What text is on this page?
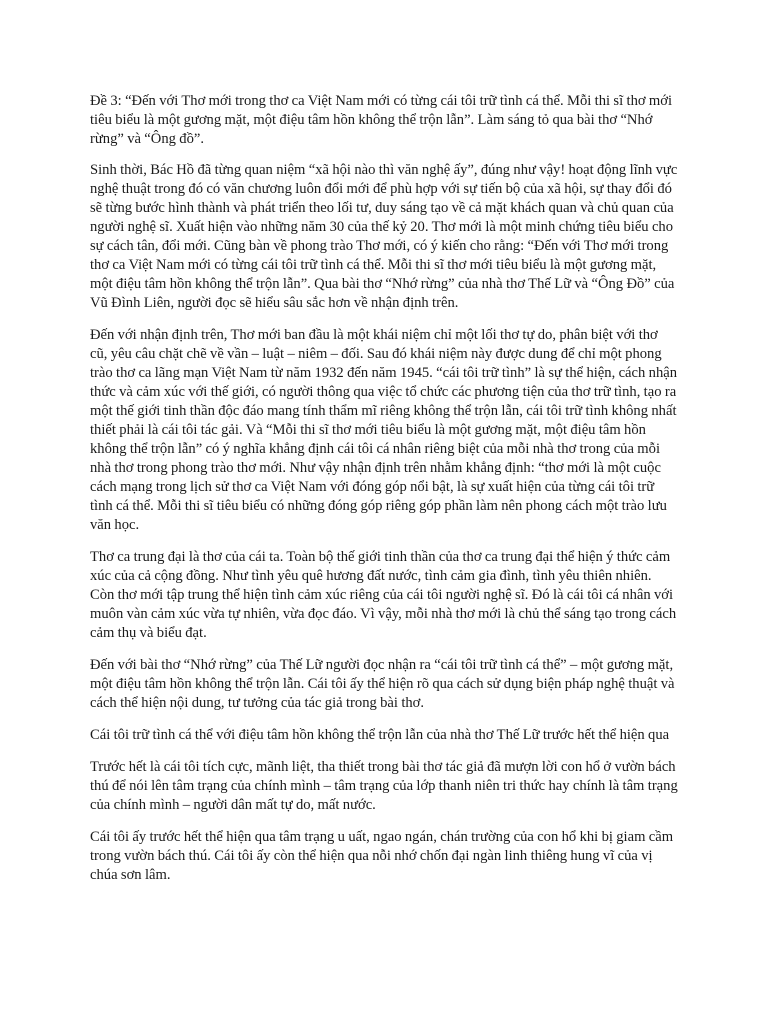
Đề 3: “Đến với Thơ mới trong thơ ca Việt Nam mới có từng cái tôi trữ tình cá thể. Mỗi thi sĩ thơ mới tiêu biểu là một gương mặt, một điệu tâm hồn không thể trộn lẫn”. Làm sáng tỏ qua bài thơ “Nhớ rừng” và “Ông đồ”.

Sinh thời, Bác Hồ đã từng quan niệm “xã hội nào thì văn nghệ ấy”, đúng như vậy! hoạt động lĩnh vực nghệ thuật trong đó có văn chương luôn đổi mới để phù hợp với sự tiến bộ của xã hội, sự thay đổi đó sẽ từng bước hình thành và phát triển theo lối tư, duy sáng tạo về cả mặt khách quan và chủ quan của người nghệ sĩ. Xuất hiện vào những năm 30 của thế kỷ 20. Thơ mới là một minh chứng tiêu biểu cho sự cách tân, đổi mới. Cũng bàn về phong trào Thơ mới, có ý kiến cho rằng: “Đến với Thơ mới trong thơ ca Việt Nam mới có từng cái tôi trữ tình cá thể. Mỗi thi sĩ thơ mới tiêu biểu là một gương mặt, một điệu tâm hồn không thể trộn lẫn”. Qua bài thơ “Nhớ rừng” của nhà thơ Thế Lữ và “Ông Đồ” của Vũ Đình Liên, người đọc sẽ hiểu sâu sắc hơn về nhận định trên.

Đến với nhận định trên, Thơ mới ban đầu là một khái niệm chỉ một lối thơ tự do, phân biệt với thơ cũ, yêu câu chặt chẽ về vần – luật – niêm – đối. Sau đó khái niệm này được dung để chỉ một phong trào thơ ca lãng mạn Việt Nam từ năm 1932 đến năm 1945. “cái tôi trữ tình” là sự thể hiện, cách nhận thức và cảm xúc với thế giới, có người thông qua việc tổ chức các phương tiện của thơ trữ tình, tạo ra một thế giới tinh thần độc đáo mang tính thẩm mĩ riêng không thể trộn lẫn, cái tôi trữ tình không nhất thiết phải là cái tôi tác gải. Và “Mỗi thi sĩ thơ mới tiêu biểu là một gương mặt, một điệu tâm hồn không thể trộn lẫn” có ý nghĩa khẳng định cái tôi cá nhân riêng biệt của mỗi nhà thơ trong của mỗi nhà thơ trong phong trào thơ mới. Như vậy nhận định trên nhằm khẳng định: “thơ mới là một cuộc cách mạng trong lịch sử thơ ca Việt Nam với đóng góp nổi bật, là sự xuất hiện của từng cái tôi trữ tình cá thể. Mỗi thi sĩ tiêu biểu có những đóng góp riêng góp phần làm nên phong cách một trào lưu văn học.

Thơ ca trung đại là thơ của cái ta. Toàn bộ thế giới tinh thần của thơ ca trung đại thể hiện ý thức cảm xúc của cả cộng đồng. Như tình yêu quê hương đất nước, tình cảm gia đình, tình yêu thiên nhiên. Còn thơ mới tập trung thể hiện tình cảm xúc riêng của cái tôi người nghệ sĩ. Đó là cái tôi cá nhân với muôn vàn cảm xúc vừa tự nhiên, vừa đọc đáo. Vì vậy, mỗi nhà thơ mới là chủ thể sáng tạo trong cách cảm thụ và biểu đạt.

Đến với bài thơ “Nhớ rừng” của Thế Lữ người đọc nhận ra “cái tôi trữ tình cá thể” – một gương mặt, một điệu tâm hồn không thể trộn lẫn. Cái tôi ấy thể hiện rõ qua cách sử dụng biện pháp nghệ thuật và cách thể hiện nội dung, tư tưởng của tác giả trong bài thơ.

Cái tôi trữ tình cá thể với điệu tâm hồn không thể trộn lẫn của nhà thơ Thế Lữ trước hết thể hiện qua

Trước hết là cái tôi tích cực, mãnh liệt, tha thiết trong bài thơ tác giả đã mượn lời con hổ ở vườn bách thú để nói lên tâm trạng của chính mình – tâm trạng của lớp thanh niên tri thức hay chính là tâm trạng của chính mình – người dân mất tự do, mất nước.

Cái tôi ấy trước hết thể hiện qua tâm trạng u uất, ngao ngán, chán trường của con hổ khi bị giam cầm trong vườn bách thú. Cái tôi ấy còn thể hiện qua nỗi nhớ chốn đại ngàn linh thiêng hung vĩ của vị chúa sơn lâm.
